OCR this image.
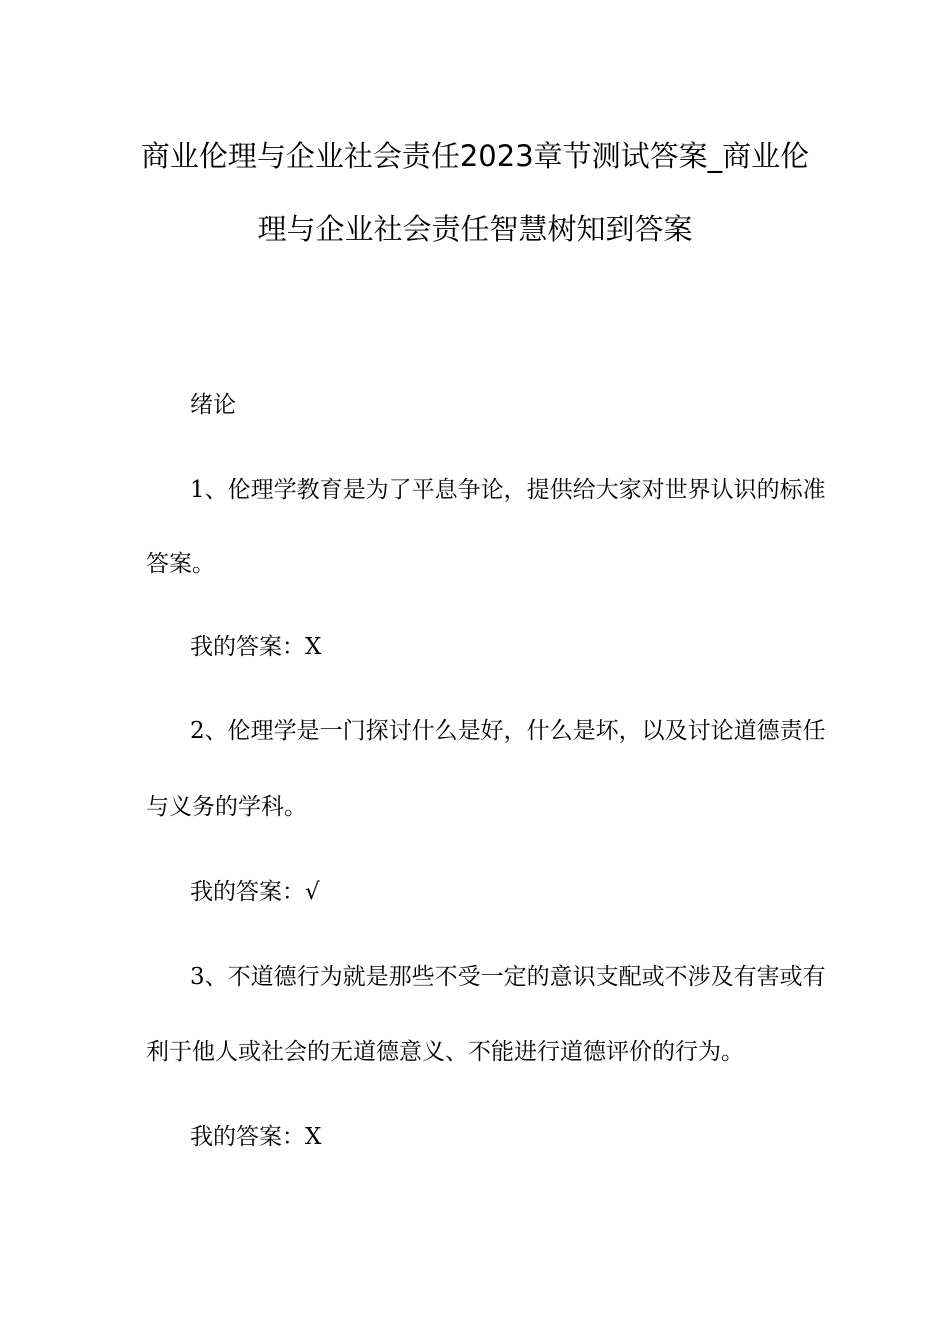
商业伦理与企业社会责任2023章节测试答案_商业伦
理与企业社会责任智慧树知到答案

绪论

1、伦理学教育是为了平息争论，提供给大家对世界认识的标准

答案。

我的答案：X

2、伦理学是一门探讨什么是好，什么是坏，以及讨论道德责任

与义务的学科。

我的答案：√

3、不道德行为就是那些不受一定的意识支配或不涉及有害或有

利于他人或社会的无道德意义、不能进行道德评价的行为。

我的答案：X
